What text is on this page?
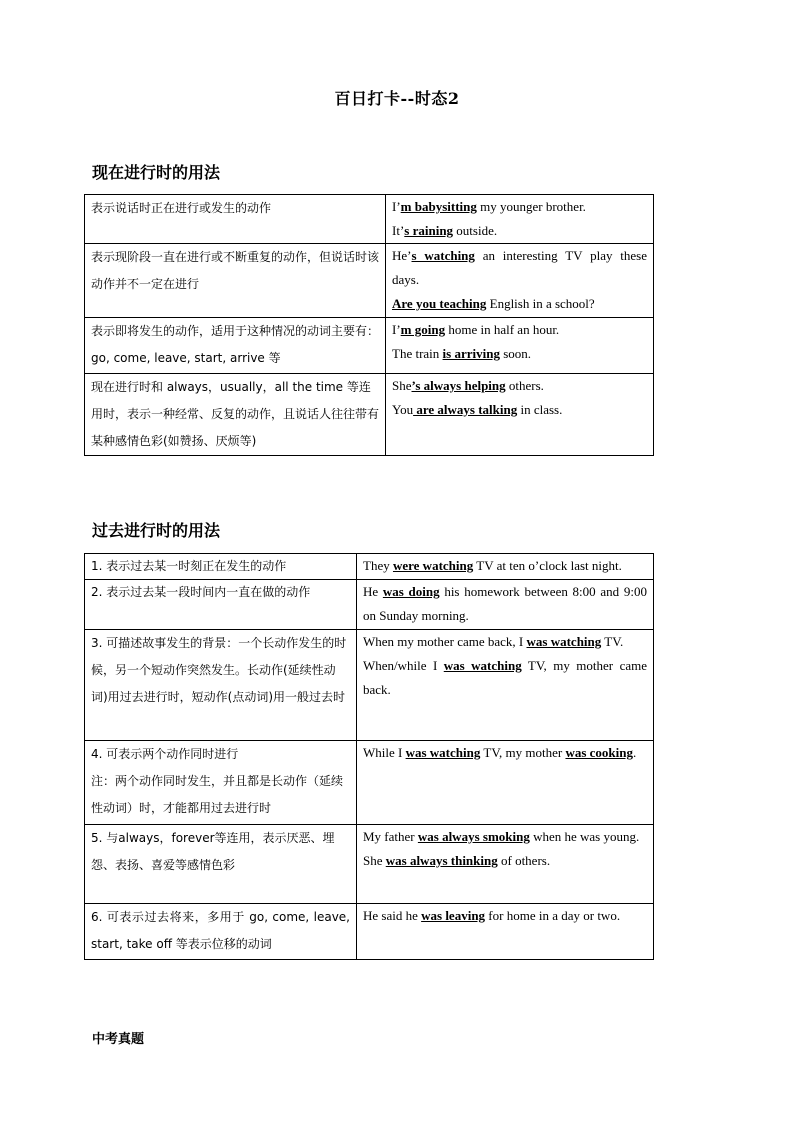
百日打卡--时态2
现在进行时的用法
表示说话时正在进行或发生的动作	I’m babysitting my younger brother.
It’s raining outside.

表示现阶段一直在进行或不断重复的动作，但说话时该动作并不一定在进行	He’s watching an interesting TV play these days.
Are you teaching English in a school?

表示即将发生的动作，适用于这种情况的动词主要有：go, come, leave, start, arrive 等	I’m going home in half an hour.
The train is arriving soon.

现在进行时和 always，usually，all the time 等连用时，表示一种经常、反复的动作，且说话人往往带有某种感情色彩(如赞扬、厌烦等)	She’s always helping others.
You are always talking in class.
过去进行时的用法
1. 表示过去某一时刻正在发生的动作	They were watching TV at ten o’clock last night.

2. 表示过去某一段时间内一直在做的动作	He was doing his homework between 8:00 and 9:00 on Sunday morning.
3. 可描述故事发生的背景：一个长动作发生的时候，另一个短动作突然发生。长动作(延续性动词)用过去进行时，短动作(点动词)用一般过去时	When my mother came back, I was watching TV.
When/while I was watching TV, my mother came back.

4. 可表示两个动作同时进行
注：两个动作同时发生，并且都是长动作（延续性动词）时，才能都用过去进行时	While I was watching TV, my mother was cooking.
5. 与always，forever等连用，表示厌恶、埋怨、表扬、喜爱等感情色彩	My father was always smoking when he was young.
She was always thinking of others.

6. 可表示过去将来，多用于 go, come, leave, start, take off 等表示位移的动词	He said he was leaving for home in a day or two.
中考真题
